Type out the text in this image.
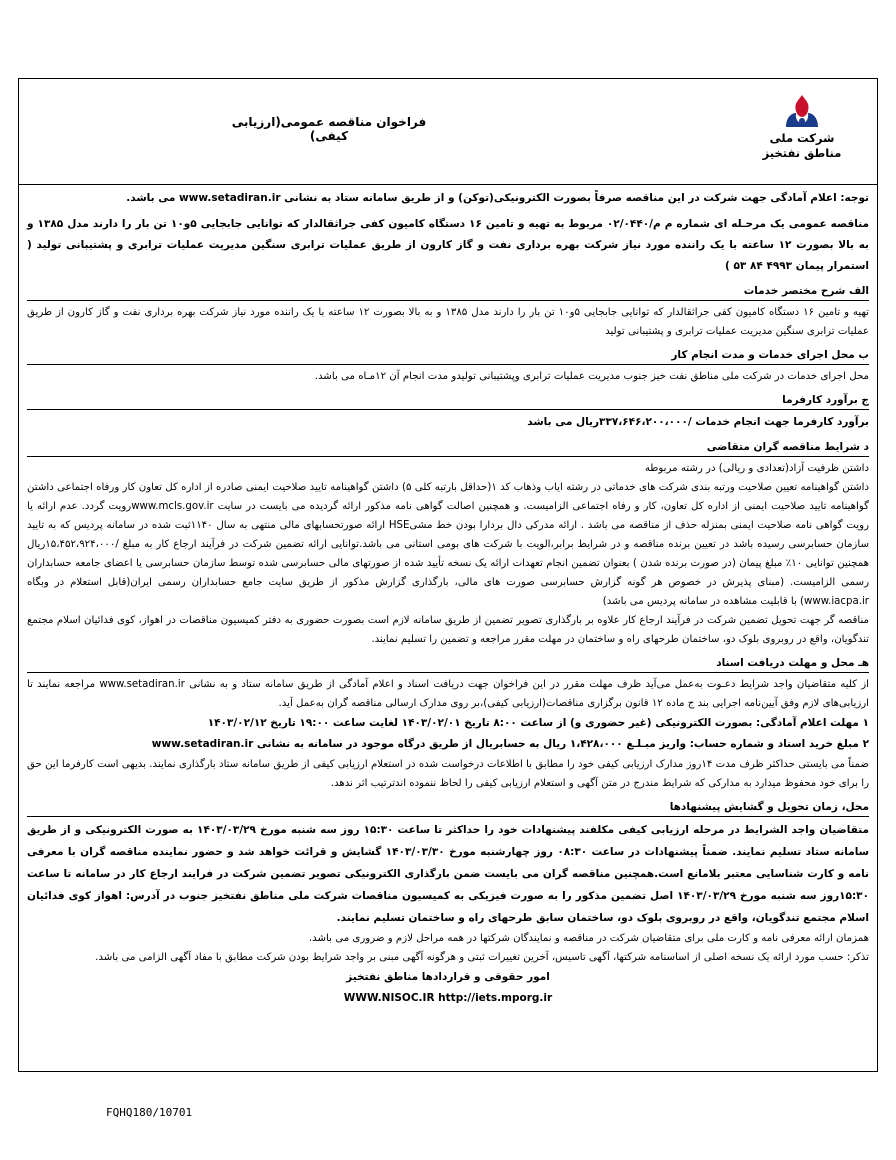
شرکت ملی
مناطق نفتخیز
فراخوان مناقصه عمومی(ارزیابی کیفی)

توجه: اعلام آمادگی جهت شرکت در این مناقصه صرفاً بصورت الکترونیکی(توکن) و از طریق سامانه ستاد به نشانی www.setadiran.ir می باشد.

مناقصه عمومی یک مرحـله ای شماره م م/۰۲/۰۴۴۰ مربوط به تهیه و تامین ۱۶ دستگاه کامیون کفی جراثقالدار که توانایی جابجایی ۵و۱۰ تن بار را دارند مدل ۱۳۸۵ و به بالا بصورت ۱۲ ساعته با یک راننده مورد نیاز شرکت بهره برداری نفت و گاز کارون از طریق عملیات ترابری سنگین مدیریت عملیات ترابری و پشتیبانی تولید ( استمرار پیمان ۴۹۹۳ ۸۴ ۵۳ )

الف شرح مختصر خدمات

تهیه و تامین ۱۶ دستگاه کامیون کفی جراثقالدار که توانایی جابجایی ۵و۱۰ تن بار را دارند مدل ۱۳۸۵ و به بالا بصورت ۱۲ ساعته با یک راننده مورد نیاز شرکت بهره برداری نفت و گاز کارون از طریق عملیات ترابری سنگین مدیریت عملیات ترابری و پشتیبانی تولید

ب محل اجرای خدمات و مدت انجام کار

محل اجرای خدمات در شرکت ملی مناطق نفت خیز جنوب مدیریت عملیات ترابری وپشتیبانی تولیدو مدت انجام آن ۱۲مـاه می باشد.

ج برآورد کارفرما

برآورد کارفرما جهت انجام خدمات /۳۳۷،۶۴۶،۲۰۰،۰۰۰ریال می باشد

د شرایط مناقصه گران متقاضی

داشتن ظرفیت آزاد(تعدادی و ریالی) در رشته مربوطه

داشتن گواهینامه تعیین صلاحیت ورتبه بندی شرکت های خدماتی در رشته ایاب وذهاب کد ۱(حداقل بارتبه کلی ۵) داشتن گواهینامه تایید صلاحیت ایمنی صادره از اداره کل تعاون کار ورفاه اجتماعی داشتن گواهینامه تایید صلاحیت ایمنی از اداره کل تعاون، کار و رفاه اجتماعی الزامیست. و همچنین اصالت گواهی نامه مذکور ارائه گردیده می بایست در سایت www.mcls.gov.irرویت گردد. عدم ارائه یا رویت گواهی نامه صلاحیت ایمنی بمنزله حذف از مناقصه می باشد . ارائه مدرکی دال بردارا بودن خط مشیHSE ارائه صورتحسابهای مالی منتهی به سال ۱۱۴۰ثبت شده در سامانه پردیس که به تایید سازمان حسابرسی رسیده باشد در تعیین برنده مناقصه و در شرایط برابر،الویت با شرکت های بومی استانی می باشد.توانایی ارائه تضمین شرکت در فرآیند ارجاع کار به مبلغ /۱۵،۴۵۲،۹۲۴،۰۰۰ریال همچنین توانایی ۱۰٪ مبلغ پیمان (در صورت برنده شدن ) بعنوان تضمین انجام تعهدات ارائه یک نسخه تأیید شده از صورتهای مالی حسابرسی شده توسط سازمان حسابرسی یا اعضای جامعه حسابداران رسمی الزامیست. (مبنای پذیرش در خصوص هر گونه گزارش حسابرسی صورت های مالی، بارگذاری گزارش مذکور از طریق سایت جامع حسابداران رسمی ایران(قابل استعلام در وبگاه www.iacpa.ir) با قابلیت مشاهده در سامانه پردیس می باشد)

مناقصه گر جهت تحویل تضمین شرکت در فرآیند ارجاع کار علاوه بر بارگذاری تصویر تضمین از طریق سامانه لازم است بصورت حضوری به دفتر کمیسیون مناقصات در اهواز، کوی فدائیان اسلام مجتمع تندگویان، واقع در روبروی بلوک دو، ساختمان طرحهای راه و ساختمان در مهلت مقرر مراجعه و تضمین را تسلیم نمایند.

هـ محل و مهلت دریافت اسناد

از کلیه متقاضیان واجد شرایط دعـوت به‌عمل می‌آید ظرف مهلت مقرر در این فراخوان جهت دریافت اسناد و اعلام آمادگی از طریق سامانه ستاد و به نشانی www.setadiran.ir مراجعه نمایند تا ارزیابی‌های لازم وفق آیین‌نامه اجرایی بند ج ماده ۱۲ قانون برگزاری مناقصات(ارزیابی کیفی)،بر روی مدارک ارسالی مناقصه گران به‌عمل آید.

۱ مهلت اعلام آمادگی: بصورت الکترونیکی (غیر حضوری و) از ساعت ۸:۰۰ تاریخ ۱۴۰۳/۰۲/۰۱ لغایت ساعت ۱۹:۰۰ تاریخ ۱۴۰۳/۰۲/۱۲

۲ مبلغ خرید اسناد و شماره حساب: واریز مبـلـغ ۱،۴۲۸،۰۰۰ ریال به حسابریال از طریق درگاه موجود در سامانه به نشانی www.setadiran.ir

ضمناً می بایستی حداکثر ظرف مدت ۱۴روز مدارک ارزیابی کیفی خود را مطابق با اطلاعات درخواست شده در استعلام ارزیابی کیفی از طریق سامانه ستاد بارگذاری نمایند. بدیهی است کارفرما این حق را برای خود محفوظ میدارد به مدارکی که شرایط مندرج در متن آگهی و استعلام ارزیابی کیفی را لحاظ ننموده اندترتیب اثر ندهد.

محل، زمان تحویل و گشایش پیشنهادها

متقاضیان واجد الشرایط در مرحله ارزیابی کیفی مکلفند پیشنهادات خود را حداکثر تا ساعت ۱۵:۳۰ روز سه شنبه مورخ ۱۴۰۳/۰۳/۲۹ به صورت الکترونیکی و از طریق سامانه ستاد تسلیم نمایند. ضمناً پیشنهادات در ساعت ۰۸:۳۰ روز چهارشنبه مورخ ۱۴۰۳/۰۳/۳۰ گشایش و قرائت خواهد شد و حضور نماینده مناقصه گران با معرفی نامه و کارت شناسایی معتبر بلامانع است.همچنین مناقصه گران می بایست ضمن بارگذاری الکترونیکی تصویر تضمین شرکت در فرایند ارجاع کار در سامانه تا ساعت ۱۵:۳۰روز سه شنبه مورخ ۱۴۰۳/۰۳/۲۹ اصل تضمین مذکور را به صورت فیزیکی به کمیسیون مناقصات شرکت ملی مناطق نفتخیز جنوب در آدرس: اهواز کوی فدائیان اسلام مجتمع تندگویان، واقع در روبروی بلوک دو، ساختمان سابق طرحهای راه و ساختمان تسلیم نمایند.

همزمان ارائه معرفی نامه و کارت ملی برای متقاضیان شرکت در مناقصه و نمایندگان شرکتها در همه مراحل لازم و ضروری می باشد.

تذکر: حسب مورد ارائه یک نسخه اصلی از اساسنامه شرکتها، آگهی تاسیس، آخرین تغییرات ثبتی و هرگونه آگهی مبنی بر واجد شرایط بودن شرکت مطابق با مفاد آگهی الزامی می باشد.

امور حقوقی و قراردادها مناطق نفتخیز

WWW.NISOC.IR http://iets.mporg.ir

FQHQ180/10701
